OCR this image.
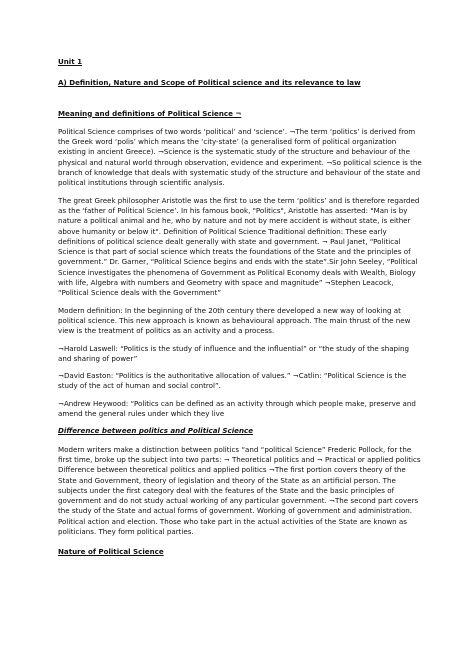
Unit 1
A) Definition, Nature and Scope of Political science and its relevance to law
Meaning and definitions of Political Science ¬

Political Science comprises of two words ‘political’ and ‘science’. ¬The term ‘politics’ is derived from the Greek word ‘polis’ which means the ‘city-state’ (a generalised form of political organization existing in ancient Greece). ¬Science is the systematic study of the structure and behaviour of the physical and natural world through observation, evidence and experiment. ¬So political science is the branch of knowledge that deals with systematic study of the structure and behaviour of the state and political institutions through scientific analysis.

The great Greek philosopher Aristotle was the first to use the term ‘politics’ and is therefore regarded as the ‘father of Political Science’. In his famous book, "Politics", Aristotle has asserted: "Man is by nature a political animal and he, who by nature and not by mere accident is without state, is either above humanity or below it". Definition of Political Science Traditional definition: These early definitions of political science dealt generally with state and government. ¬ Paul Janet, “Political Science is that part of social science which treats the foundations of the State and the principles of government.” Dr. Garner, “Political Science begins and ends with the state”.Sir John Seeley, “Political Science investigates the phenomena of Government as Political Economy deals with Wealth, Biology with life, Algebra with numbers and Geometry with space and magnitude” ¬Stephen Leacock, “Political Science deals with the Government”

Modern definition: In the beginning of the 20th century there developed a new way of looking at political science. This new approach is known as behavioural approach. The main thrust of the new view is the treatment of politics as an activity and a process.

¬Harold Laswell: “Politics is the study of influence and the influential” or “the study of the shaping and sharing of power”
¬David Easton: “Politics is the authoritative allocation of values.” ¬Catlin: “Political Science is the study of the act of human and social control”.
¬Andrew Heywood: “Politics can be defined as an activity through which people make, preserve and amend the general rules under which they live
Difference between politics and Political Science

Modern writers make a distinction between politics “and “political Science” Frederic Pollock, for the first time, broke up the subject into two parts: ¬ Theoretical politics and ¬ Practical or applied politics Difference between theoretical politics and applied politics ¬The first portion covers theory of the State and Government, theory of legislation and theory of the State as an artificial person. The subjects under the first category deal with the features of the State and the basic principles of government and do not study actual working of any particular government. ¬The second part covers the study of the State and actual forms of government. Working of government and administration. Political action and election. Those who take part in the actual activities of the State are known as politicians. They form political parties.

Nature of Political Science
